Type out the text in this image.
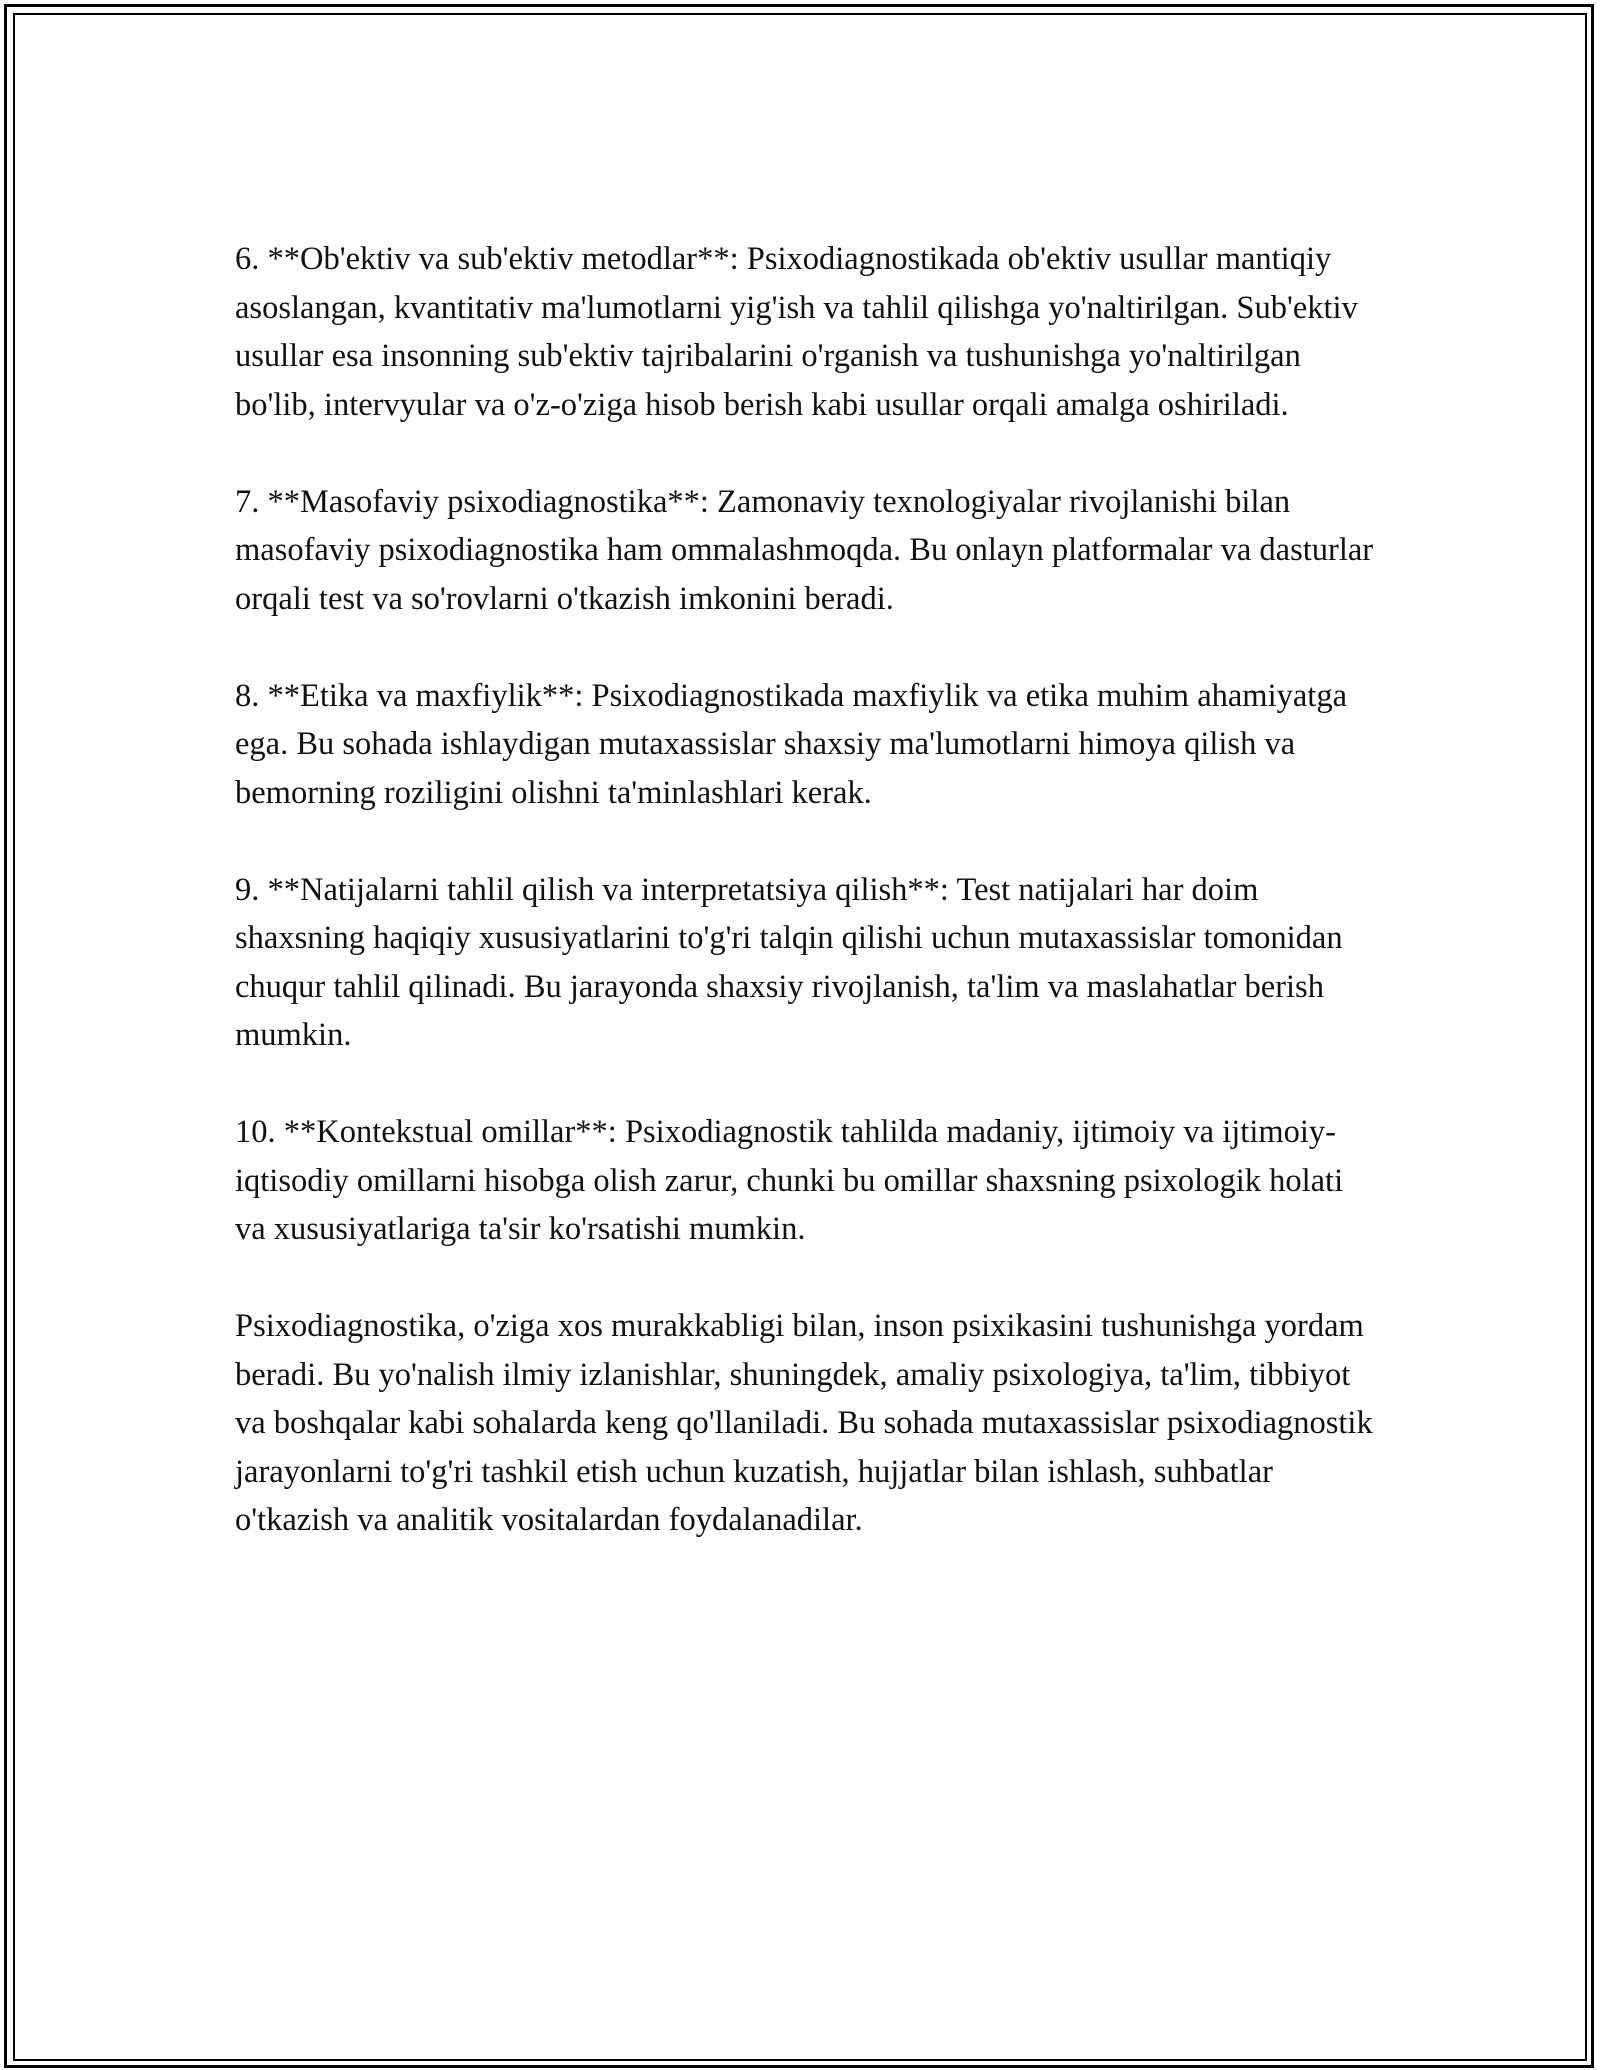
6. **Ob'ektiv va sub'ektiv metodlar**: Psixodiagnostikada ob'ektiv usullar mantiqiy asoslangan, kvantitativ ma'lumotlarni yig'ish va tahlil qilishga yo'naltirilgan. Sub'ektiv usullar esa insonning sub'ektiv tajribalarini o'rganish va tushunishga yo'naltirilgan bo'lib, intervyular va o'z-o'ziga hisob berish kabi usullar orqali amalga oshiriladi.

7. **Masofaviy psixodiagnostika**: Zamonaviy texnologiyalar rivojlanishi bilan masofaviy psixodiagnostika ham ommalashmoqda. Bu onlayn platformalar va dasturlar orqali test va so'rovlarni o'tkazish imkonini beradi.

8. **Etika va maxfiylik**: Psixodiagnostikada maxfiylik va etika muhim ahamiyatga ega. Bu sohada ishlaydigan mutaxassislar shaxsiy ma'lumotlarni himoya qilish va bemorning roziligini olishni ta'minlashlari kerak.

9. **Natijalarni tahlil qilish va interpretatsiya qilish**: Test natijalari har doim shaxsning haqiqiy xususiyatlarini to'g'ri talqin qilishi uchun mutaxassislar tomonidan chuqur tahlil qilinadi. Bu jarayonda shaxsiy rivojlanish, ta'lim va maslahatlar berish mumkin.

10. **Kontekstual omillar**: Psixodiagnostik tahlilda madaniy, ijtimoiy va ijtimoiy-iqtisodiy omillarni hisobga olish zarur, chunki bu omillar shaxsning psixologik holati va xususiyatlariga ta'sir ko'rsatishi mumkin.

Psixodiagnostika, o'ziga xos murakkabligi bilan, inson psixikasini tushunishga yordam beradi. Bu yo'nalish ilmiy izlanishlar, shuningdek, amaliy psixologiya, ta'lim, tibbiyot va boshqalar kabi sohalarda keng qo'llaniladi. Bu sohada mutaxassislar psixodiagnostik jarayonlarni to'g'ri tashkil etish uchun kuzatish, hujjatlar bilan ishlash, suhbatlar o'tkazish va analitik vositalardan foydalanadilar.
